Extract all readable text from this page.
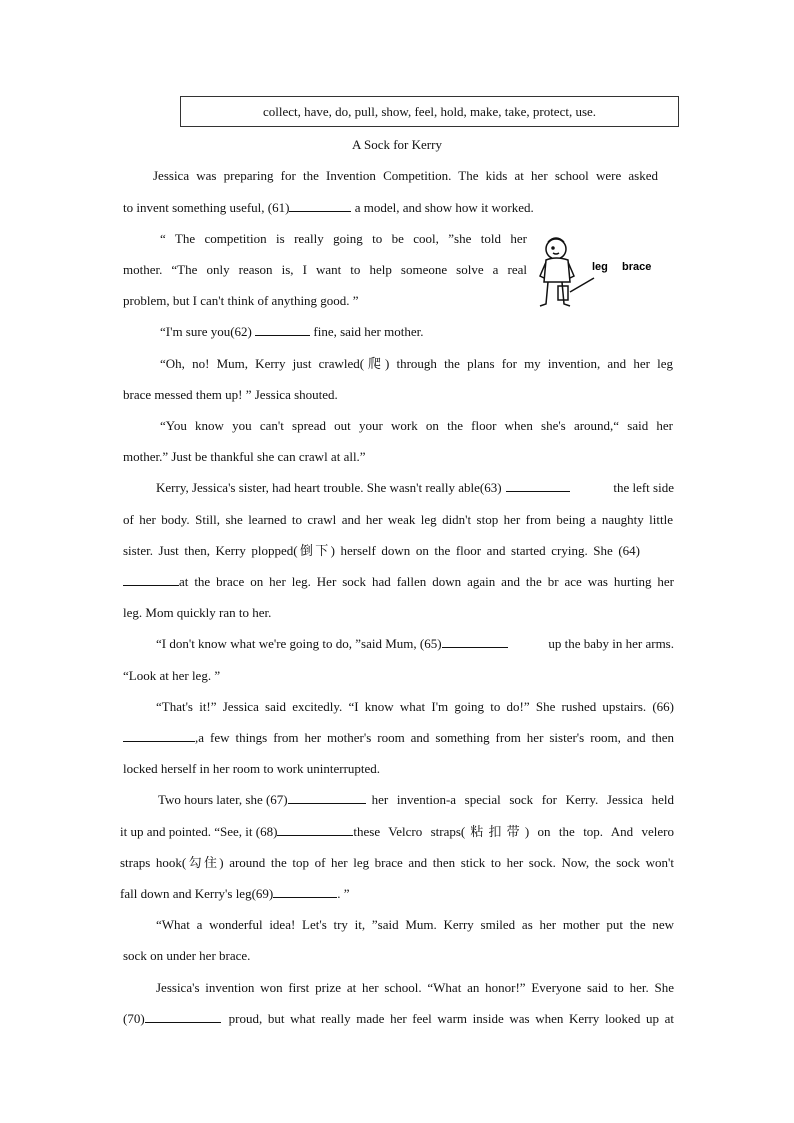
collect, have, do, pull, show, feel, hold, make, take, protect, use.
A Sock for Kerry
Jessica was preparing for the Invention Competition. The kids at her school were asked
to invent something useful, (61)	a model, and show how it worked.
“ The competition is really going to be cool, ”she told her
mother. “The only reason is, I want to help someone solve a real
problem, but I can't think of anything good. ”
leg brace
“I'm sure you(62)	fine, said her mother.
“Oh, no! Mum, Kerry just crawled(爬) through the plans for my invention, and her leg
brace messed them up! ” Jessica shouted.
“You know you can't spread out your work on the floor when she's around,“ said her
mother.” Just be thankful she can crawl at all.”
Kerry, Jessica's sister, had heart trouble. She wasn't really able(63)	the left side
of her body. Still, she learned to crawl and her weak leg didn't stop her from being a naughty little
sister. Just then, Kerry plopped(倒下) herself down on the floor and started crying. She (64)
at the brace on her leg. Her sock had fallen down again and the br ace was hurting her
leg. Mom quickly ran to her.
“I don't know what we're going to do, ”said Mum, (65)	up the baby in her arms.
“Look at her leg. ”
“That's it!” Jessica said excitedly. “I know what I'm going to do!” She rushed upstairs. (66)
,a few things from her mother's room and something from her sister's room, and then
locked herself in her room to work uninterrupted.
Two hours later, she (67)	her invention-a special sock for Kerry. Jessica held
it up and pointed. “See, it (68)	these Velcro straps(粘扣带) on the top. And velero
straps hook(勾住) around the top of her leg brace and then stick to her sock. Now, the sock won't
fall down and Kerry's leg(69)	. ”
“What a wonderful idea! Let's try it, ”said Mum. Kerry smiled as her mother put the new
sock on under her brace.
Jessica's invention won first prize at her school. “What an honor!” Everyone said to her. She
(70)	proud, but what really made her feel warm inside was when Kerry looked up at
